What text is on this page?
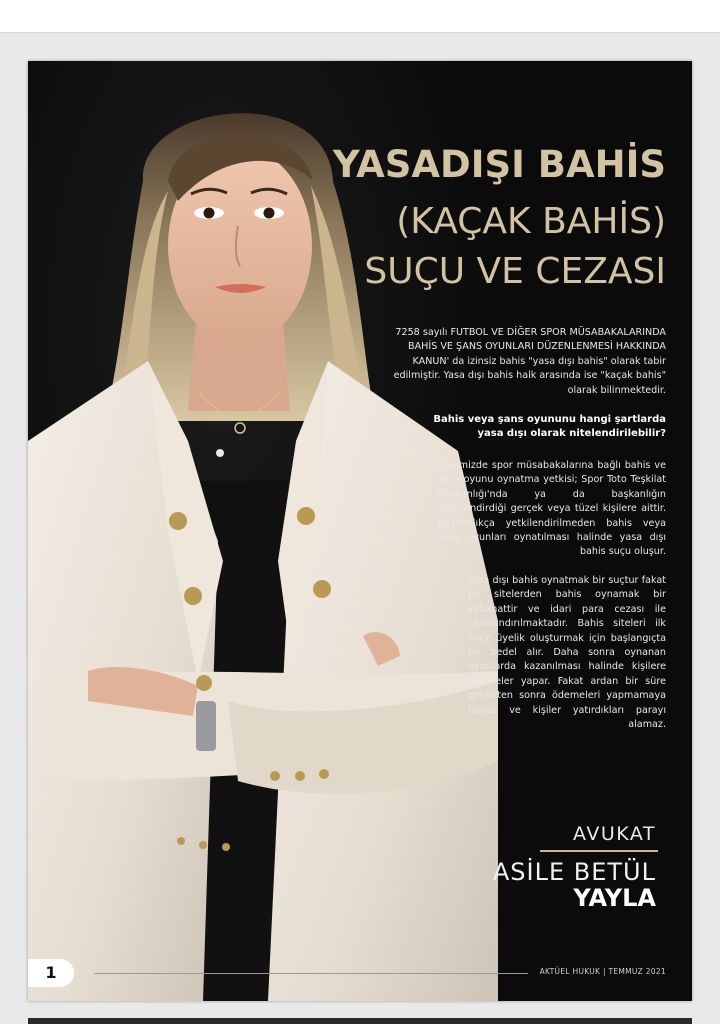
YASADIŞI BAHİS
(KAÇAK BAHİS)
SUÇU VE CEZASI
7258 sayılı FUTBOL VE DİĞER SPOR MÜSABAKALARINDA BAHİS VE ŞANS OYUNLARI DÜZENLENMESİ HAKKINDA KANUN' da izinsiz bahis "yasa dışı bahis" olarak tabir edilmiştir. Yasa dışı bahis halk arasında ise "kaçak bahis" olarak bilinmektedir.
Bahis veya şans oyununu hangi şartlarda yasa dışı olarak nitelendirilebilir?
Ülkemizde spor müsabakalarına bağlı bahis ve şans oyunu oynatma yetkisi; Spor Toto Teşkilat Başkanlığı'nda ya da başkanlığın yetkilendirdiği gerçek veya tüzel kişilere aittir. Başkanlıkça yetkilendirilmeden bahis veya şans oyunları oynatılması halinde yasa dışı bahis suçu oluşur.
Yasa dışı bahis oynatmak bir suçtur fakat bu sitelerden bahis oynamak bir kabahattir ve idari para cezası ile cezalandırılmaktadır. Bahis siteleri ilk önce üyelik oluşturmak için başlangıçta bir bedel alır. Daha sonra oynanan oyunlarda kazanılması halinde kişilere ödemeler yapar. Fakat ardan bir süre geçtikten sonra ödemeleri yapmamaya başlar ve kişiler yatırdıkları parayı alamaz.
AVUKAT
ASİLE BETÜL
YAYLA
1	AKTÜEL HUKUK | TEMMUZ 2021
